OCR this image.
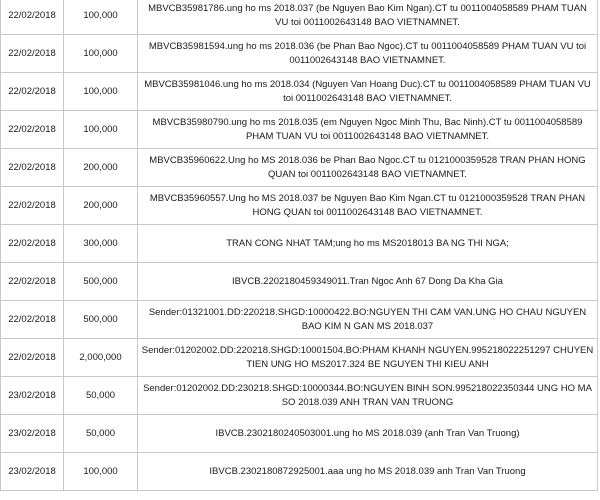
22/02/2018	100,000	MBVCB35981786.ung ho ms 2018.037 (be Nguyen Bao Kim Ngan).CT tu 0011004058589 PHAM TUAN VU toi 0011002643148 BAO VIETNAMNET.
22/02/2018	100,000	MBVCB35981594.ung ho ms 2018.036 (be Phan Bao Ngoc).CT tu 0011004058589 PHAM TUAN VU toi 0011002643148 BAO VIETNAMNET.
22/02/2018	100,000	MBVCB35981046.ung ho ms 2018.034 (Nguyen Van Hoang Duc).CT tu 0011004058589 PHAM TUAN VU toi 0011002643148 BAO VIETNAMNET.
22/02/2018	100,000	MBVCB35980790.ung ho ms 2018.035 (em Nguyen Ngoc Minh Thu, Bac Ninh).CT tu 0011004058589 PHAM TUAN VU toi 0011002643148 BAO VIETNAMNET.
22/02/2018	200,000	MBVCB35960622.Ung ho MS 2018.036 be Phan Bao Ngoc.CT tu 0121000359528 TRAN PHAN HONG QUAN toi 0011002643148 BAO VIETNAMNET.
22/02/2018	200,000	MBVCB35960557.Ung ho MS 2018.037 be Nguyen Bao Kim Ngan.CT tu 0121000359528 TRAN PHAN HONG QUAN toi 0011002643148 BAO VIETNAMNET.
22/02/2018	300,000	TRAN CONG NHAT TAM;ung ho ms MS2018013 BA NG THI NGA;
22/02/2018	500,000	IBVCB.2202180459349011.Tran Ngoc Anh 67 Dong Da Kha Gia
22/02/2018	500,000	Sender:01321001.DD:220218.SHGD:10000422.BO:NGUYEN THI CAM VAN.UNG HO CHAU NGUYEN BAO KIM N GAN MS 2018.037
22/02/2018	2,000,000	Sender:01202002.DD:220218.SHGD:10001504.BO:PHAM KHANH NGUYEN.995218022251297 CHUYEN TIEN UNG HO MS2017.324 BE NGUYEN THI KIEU ANH
23/02/2018	50,000	Sender:01202002.DD:230218.SHGD:10000344.BO:NGUYEN BINH SON.995218022350344 UNG HO MA SO 2018.039 ANH TRAN VAN TRUONG
23/02/2018	50,000	IBVCB.2302180240503001.ung ho MS 2018.039 (anh Tran Van Truong)
23/02/2018	100,000	IBVCB.2302180872925001.aaa ung ho MS 2018.039 anh Tran Van Truong
